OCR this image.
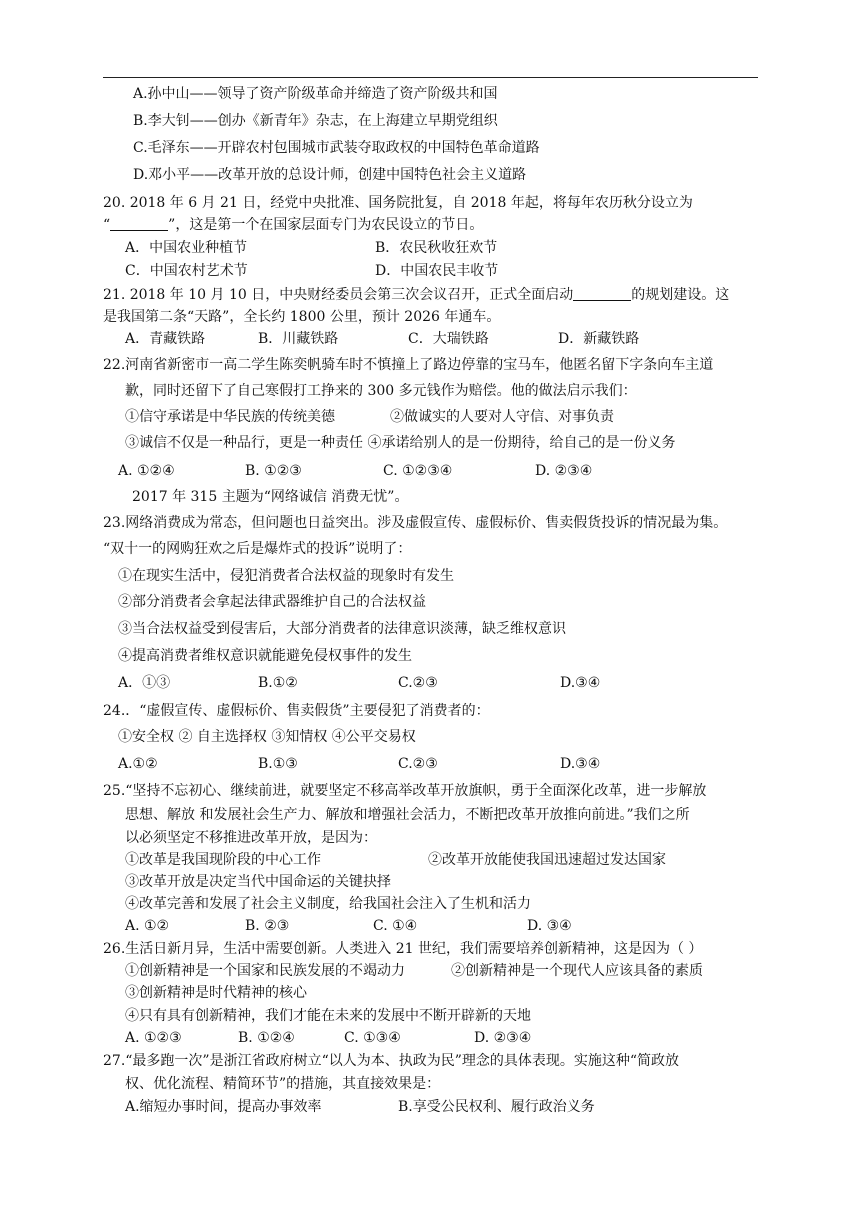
A.孙中山——领导了资产阶级革命并缔造了资产阶级共和国
B.李大钊——创办《新青年》杂志，在上海建立早期党组织
C.毛泽东——开辟农村包围城市武装夺取政权的中国特色革命道路
D.邓小平——改革开放的总设计师，创建中国特色社会主义道路
20. 2018 年 6 月 21 日，经党中央批准、国务院批复，自 2018 年起，将每年农历秋分设立为
“	”，这是第一个在国家层面专门为农民设立的节日。
A．中国农业种植节	B．农民秋收狂欢节
C．中国农村艺术节	D．中国农民丰收节
21. 2018 年 10 月 10 日，中央财经委员会第三次会议召开，正式全面启动	的规划建设。这
是我国第二条“天路”，全长约 1800 公里，预计 2026 年通车。
A．青藏铁路	B．川藏铁路	C．大瑞铁路	D．新藏铁路
22.河南省新密市一高二学生陈奕帆骑车时不慎撞上了路边停靠的宝马车，他匿名留下字条向车主道
歉，同时还留下了自己寒假打工挣来的 300 多元钱作为赔偿。他的做法启示我们：
①信守承诺是中华民族的传统美德	②做诚实的人要对人守信、对事负责
③诚信不仅是一种品行，更是一种责任 ④承诺给别人的是一份期待，给自己的是一份义务
A. ①②④	B. ①②③	C. ①②③④	D. ②③④
2017 年 315 主题为“网络诚信 消费无忧”。
23.网络消费成为常态，但问题也日益突出。涉及虚假宣传、虚假标价、售卖假货投诉的情况最为集。
“双十一的网购狂欢之后是爆炸式的投诉”说明了：
①在现实生活中，侵犯消费者合法权益的现象时有发生
②部分消费者会拿起法律武器维护自己的合法权益
③当合法权益受到侵害后，大部分消费者的法律意识淡薄，缺乏维权意识
④提高消费者维权意识就能避免侵权事件的发生
A．①③	B.①②	C.②③	D.③④
24.．“虚假宣传、虚假标价、售卖假货”主要侵犯了消费者的：
①安全权 ② 自主选择权 ③知情权 ④公平交易权
A.①②	B.①③	C.②③	D.③④
25.“坚持不忘初心、继续前进，就要坚定不移高举改革开放旗帜，勇于全面深化改革，进一步解放
思想、解放 和发展社会生产力、解放和增强社会活力，不断把改革开放推向前进。”我们之所
以必须坚定不移推进改革开放，是因为：
①改革是我国现阶段的中心工作	②改革开放能使我国迅速超过发达国家
③改革开放是决定当代中国命运的关键抉择
④改革完善和发展了社会主义制度，给我国社会注入了生机和活力
A. ①②	B. ②③	C. ①④	D. ③④
26.生活日新月异，生活中需要创新。人类进入 21 世纪，我们需要培养创新精神，这是因为（ ）
①创新精神是一个国家和民族发展的不竭动力	②创新精神是一个现代人应该具备的素质
③创新精神是时代精神的核心
④只有具有创新精神，我们才能在未来的发展中不断开辟新的天地
A. ①②③	B. ①②④	C. ①③④	D. ②③④
27.“最多跑一次”是浙江省政府树立“以人为本、执政为民”理念的具体表现。实施这种“简政放
权、优化流程、精简环节”的措施，其直接效果是：
A.缩短办事时间，提高办事效率	B.享受公民权利、履行政治义务
